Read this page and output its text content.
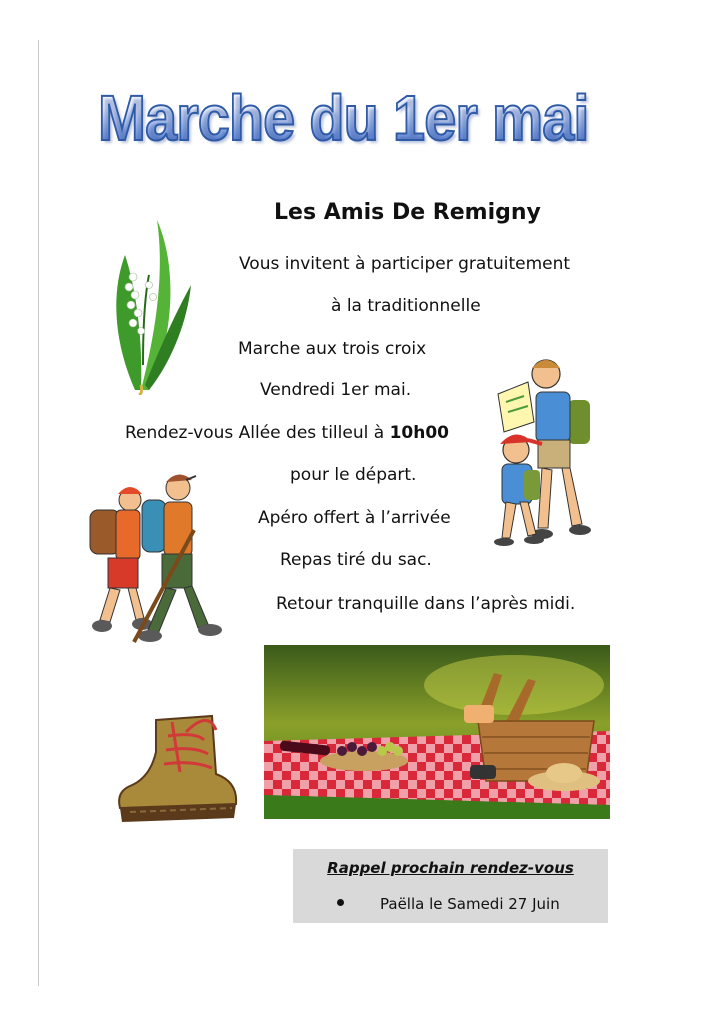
Marche du 1er mai

Les Amis De Remigny

Vous invitent à participer gratuitement

à la traditionnelle

Marche aux trois croix

Vendredi 1er mai.

Rendez-vous Allée des tilleul à 10h00

pour le départ.

Apéro offert à l’arrivée

Repas tiré du sac.

Retour tranquille dans l’après midi.

Rappel prochain rendez-vous

Paëlla le Samedi 27 Juin
